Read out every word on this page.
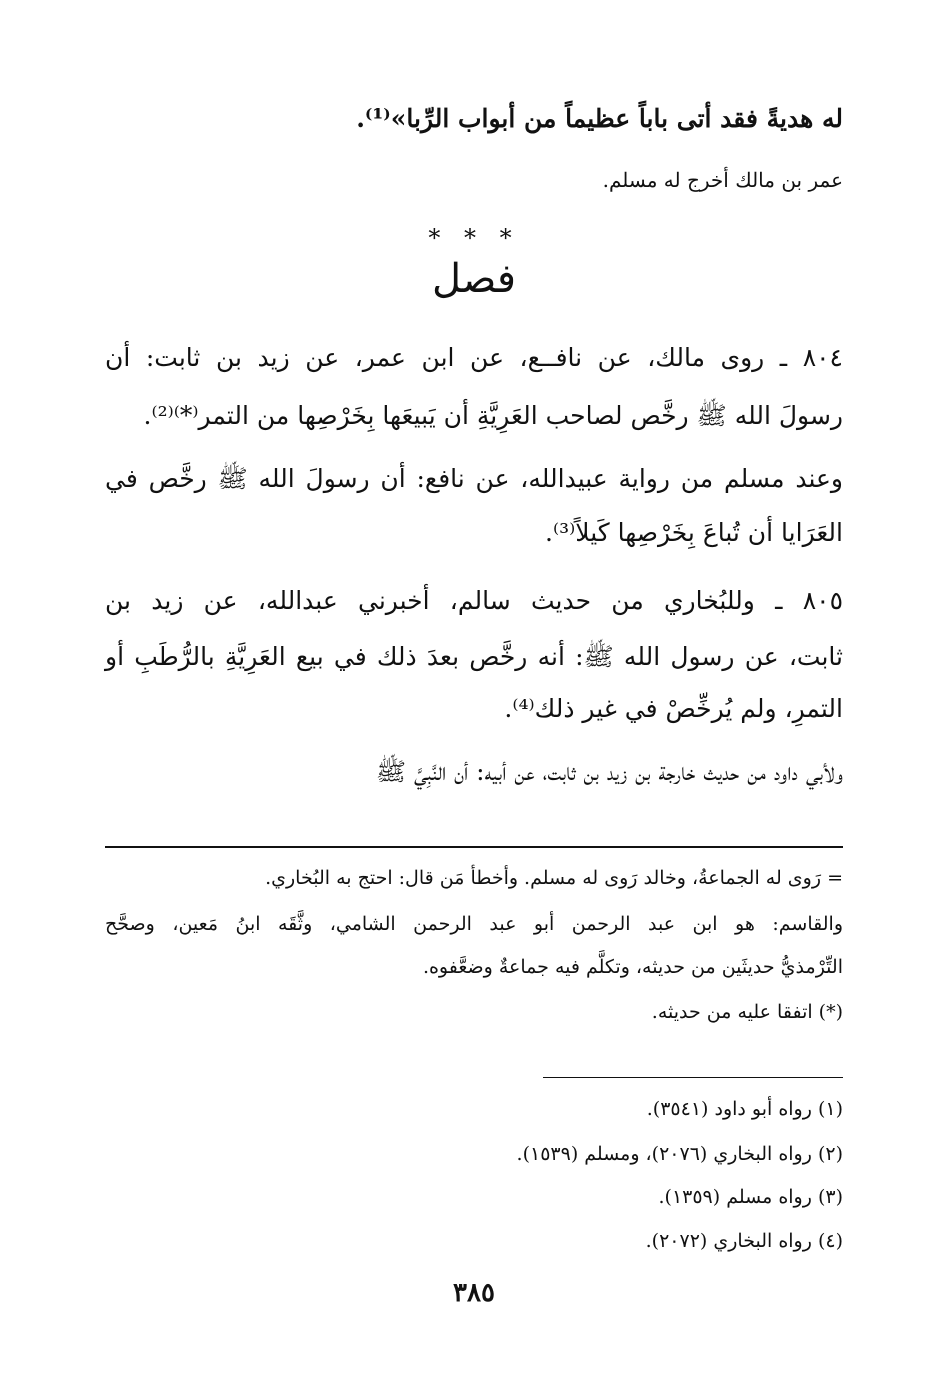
له هديةً فقد أتى باباً عظيماً من أبواب الرِّبا»⁽¹⁾.
عمر بن مالك أخرج له مسلم.
* * *
فصل
٨٠٤ ـ روى مالك، عن نافــع، عن ابن عمر، عن زيد بن ثابت: أن
رسولَ الله ﷺ رخَّص لصاحب العَرِيَّةِ أن يَبيعَها بِخَرْصِها من التمر⁽*⁾⁽²⁾.
وعند مسلم من رواية عبيدالله، عن نافع: أن رسولَ الله ﷺ رخَّص في
العَرَايا أن تُباعَ بِخَرْصِها كَيلاً⁽³⁾.
٨٠٥ ـ وللبُخاري من حديث سالم، أخبرني عبدالله، عن زيد بن
ثابت، عن رسول الله ﷺ: أنه رخَّص بعدَ ذلك في بيع العَرِيَّةِ بالرُّطَبِ أو
التمرِ، ولم يُرخِّصْ في غير ذلك⁽⁴⁾.
ولأبي داود من حديث خارجة بن زيد بن ثابت، عن أبيه: أن النَّبِيَّ ﷺ
= رَوى له الجماعةُ، وخالد رَوى له مسلم. وأخطأ مَن قال: احتج به البُخاري.
والقاسم: هو ابن عبد الرحمن أبو عبد الرحمن الشامي، وثَّقَه ابنُ مَعين، وصحَّح
التِّرْمذيُّ حديثَين من حديثه، وتكلَّم فيه جماعةٌ وضعَّفوه.
(*) اتفقا عليه من حديثه.
(١) رواه أبو داود (٣٥٤١).
(٢) رواه البخاري (٢٠٧٦)، ومسلم (١٥٣٩).
(٣) رواه مسلم (١٣٥٩).
(٤) رواه البخاري (٢٠٧٢).
٣٨٥
